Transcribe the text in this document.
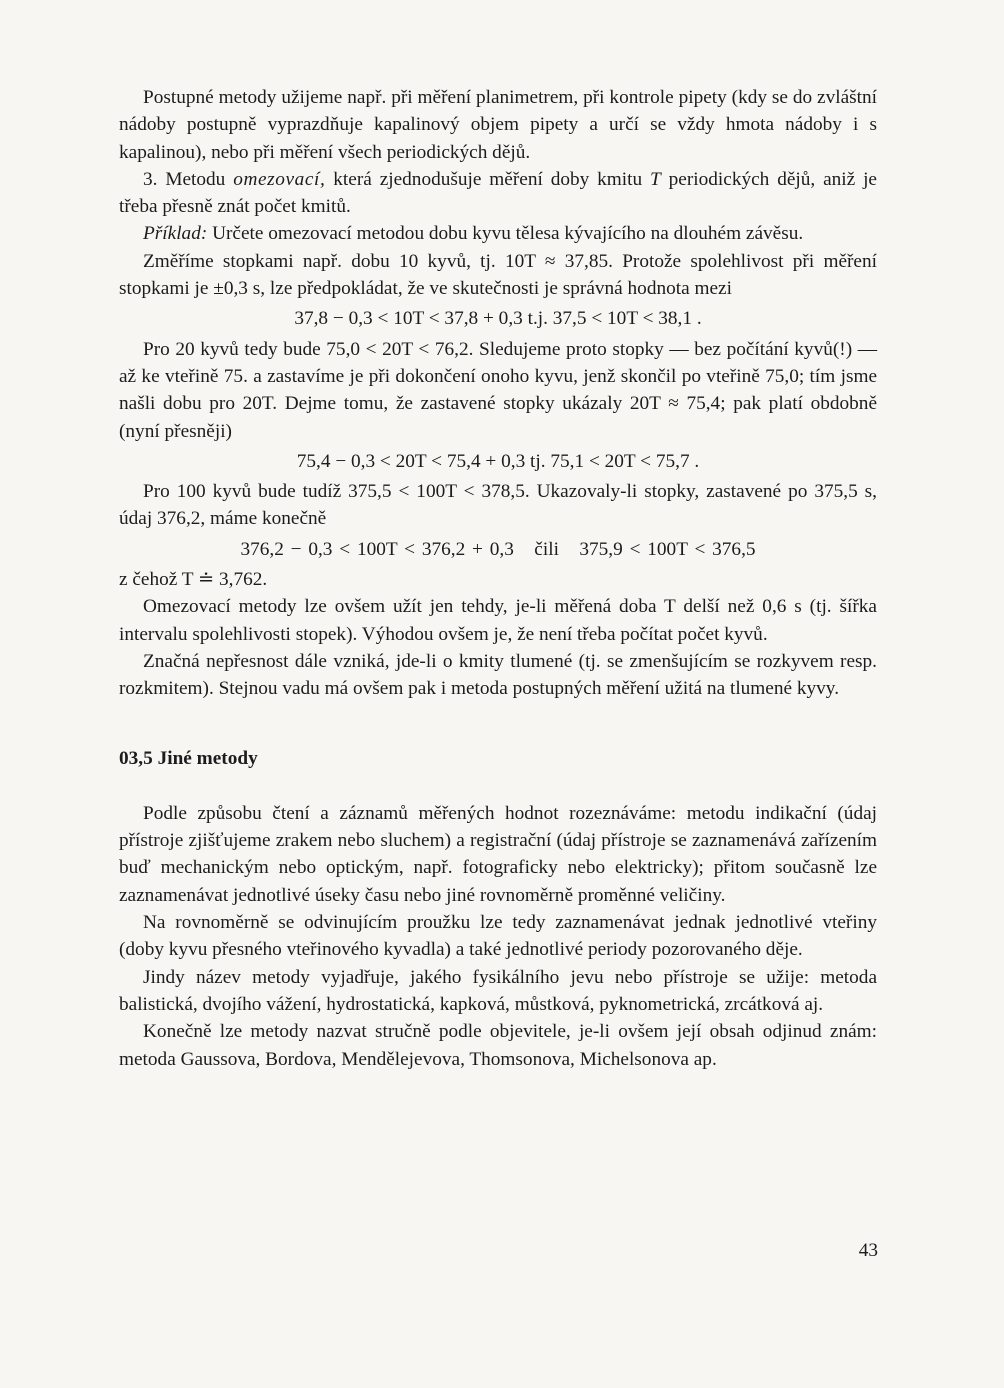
Postupné metody užijeme např. při měření planimetrem, při kontrole pipety (kdy se do zvláštní nádoby postupně vyprazdňuje kapalinový objem pipety a určí se vždy hmota nádoby i s kapalinou), nebo při měření všech periodických dějů.

3. Metodu omezovací, která zjednodušuje měření doby kmitu T periodických dějů, aniž je třeba přesně znát počet kmitů.

Příklad: Určete omezovací metodou dobu kyvu tělesa kývajícího na dlouhém závěsu.

Změříme stopkami např. dobu 10 kyvů, tj. 10T ≈ 37,85. Protože spolehlivost při měření stopkami je ±0,3 s, lze předpokládat, že ve skutečnosti je správná hodnota mezi

37,8 − 0,3 < 10T < 37,8 + 0,3 t.j. 37,5 < 10T < 38,1 .

Pro 20 kyvů tedy bude 75,0 < 20T < 76,2. Sledujeme proto stopky — bez počítání kyvů(!) — až ke vteřině 75. a zastavíme je při dokončení onoho kyvu, jenž skončil po vteřině 75,0; tím jsme našli dobu pro 20T. Dejme tomu, že zastavené stopky ukázaly 20T ≈ 75,4; pak platí obdobně (nyní přesněji)

75,4 − 0,3 < 20T < 75,4 + 0,3 tj. 75,1 < 20T < 75,7 .

Pro 100 kyvů bude tudíž 375,5 < 100T < 378,5. Ukazovaly-li stopky, zastavené po 375,5 s, údaj 376,2, máme konečně

376,2 − 0,3 < 100T < 376,2 + 0,3   čili   375,9 < 100T < 376,5

z čehož T ≐ 3,762.

Omezovací metody lze ovšem užít jen tehdy, je-li měřená doba T delší než 0,6 s (tj. šířka intervalu spolehlivosti stopek). Výhodou ovšem je, že není třeba počítat počet kyvů.

Značná nepřesnost dále vzniká, jde-li o kmity tlumené (tj. se zmenšujícím se rozkyvem resp. rozkmitem). Stejnou vadu má ovšem pak i metoda postupných měření užitá na tlumené kyvy.

03,5 Jiné metody

Podle způsobu čtení a záznamů měřených hodnot rozeznáváme: metodu indikační (údaj přístroje zjišťujeme zrakem nebo sluchem) a registrační (údaj přístroje se zaznamenává zařízením buď mechanickým nebo optickým, např. fotograficky nebo elektricky); přitom současně lze zaznamenávat jednotlivé úseky času nebo jiné rovnoměrně proměnné veličiny.

Na rovnoměrně se odvinujícím proužku lze tedy zaznamenávat jednak jednotlivé vteřiny (doby kyvu přesného vteřinového kyvadla) a také jednotlivé periody pozorovaného děje.

Jindy název metody vyjadřuje, jakého fysikálního jevu nebo přístroje se užije: metoda balistická, dvojího vážení, hydrostatická, kapková, můstková, pyknometrická, zrcátková aj.

Konečně lze metody nazvat stručně podle objevitele, je-li ovšem její obsah odjinud znám: metoda Gaussova, Bordova, Mendělejevova, Thomsonova, Michelsonova ap.

43
